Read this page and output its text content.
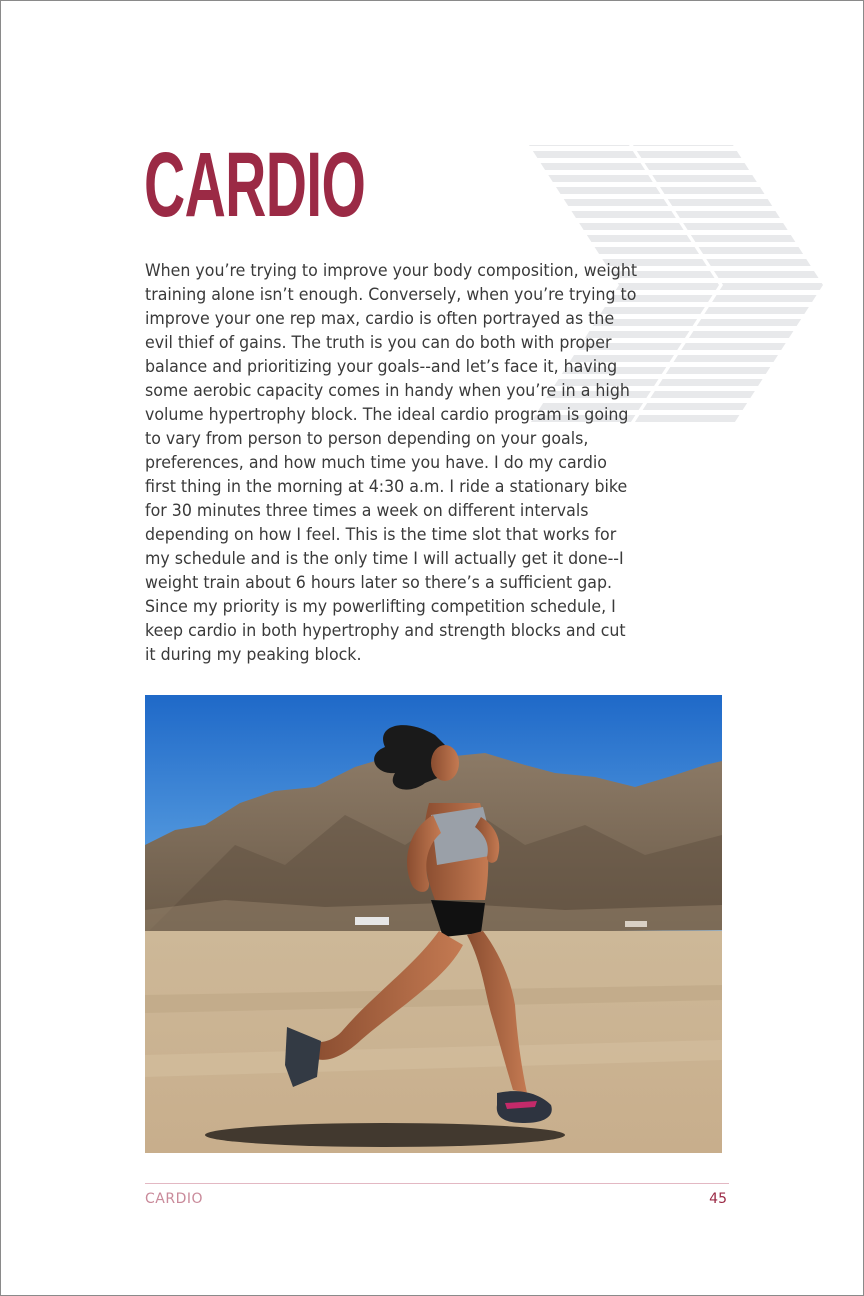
CARDIO

When you’re trying to improve your body composition, weight
training alone isn’t enough. Conversely, when you’re trying to
improve your one rep max, cardio is often portrayed as the
evil thief of gains. The truth is you can do both with proper
balance and prioritizing your goals--and let’s face it, having
some aerobic capacity comes in handy when you’re in a high
volume hypertrophy block. The ideal cardio program is going
to vary from person to person depending on your goals,
preferences, and how much time you have. I do my cardio
first thing in the morning at 4:30 a.m. I ride a stationary bike
for 30 minutes three times a week on different intervals
depending on how I feel. This is the time slot that works for
my schedule and is the only time I will actually get it done--I
weight train about 6 hours later so there’s a sufficient gap.
Since my priority is my powerlifting competition schedule, I
keep cardio in both hypertrophy and strength blocks and cut
it during my peaking block.

CARDIO	45
